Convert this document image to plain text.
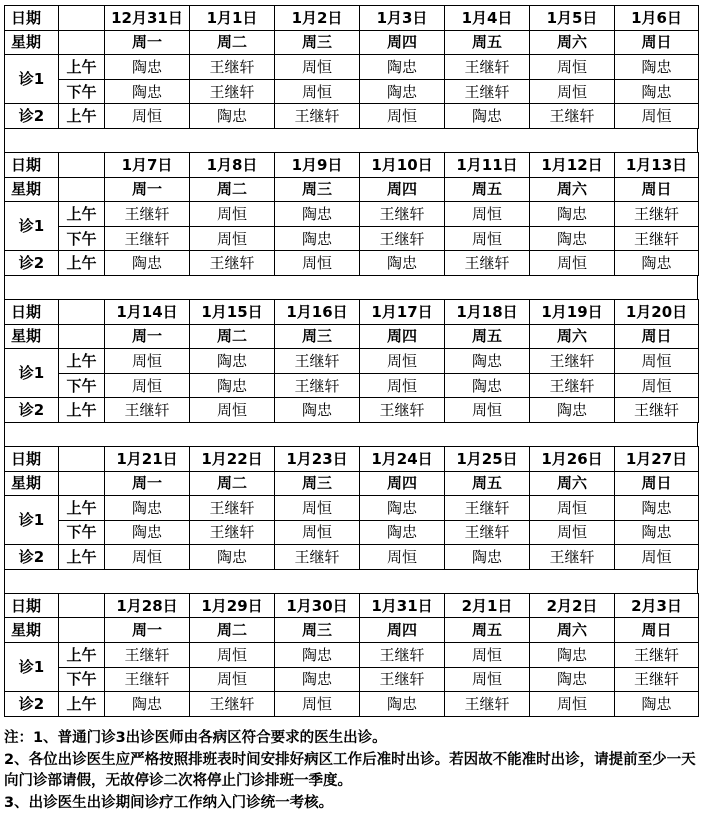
日期		12月31日	1月1日	1月2日	1月3日	1月4日	1月5日	1月6日
星期		周一	周二	周三	周四	周五	周六	周日
诊1	上午	陶忠	王继轩	周恒	陶忠	王继轩	周恒	陶忠
	下午	陶忠	王继轩	周恒	陶忠	王继轩	周恒	陶忠
诊2	上午	周恒	陶忠	王继轩	周恒	陶忠	王继轩	周恒
日期		1月7日	1月8日	1月9日	1月10日	1月11日	1月12日	1月13日
星期		周一	周二	周三	周四	周五	周六	周日
诊1	上午	王继轩	周恒	陶忠	王继轩	周恒	陶忠	王继轩
	下午	王继轩	周恒	陶忠	王继轩	周恒	陶忠	王继轩
诊2	上午	陶忠	王继轩	周恒	陶忠	王继轩	周恒	陶忠
日期		1月14日	1月15日	1月16日	1月17日	1月18日	1月19日	1月20日
星期		周一	周二	周三	周四	周五	周六	周日
诊1	上午	周恒	陶忠	王继轩	周恒	陶忠	王继轩	周恒
	下午	周恒	陶忠	王继轩	周恒	陶忠	王继轩	周恒
诊2	上午	王继轩	周恒	陶忠	王继轩	周恒	陶忠	王继轩
日期		1月21日	1月22日	1月23日	1月24日	1月25日	1月26日	1月27日
星期		周一	周二	周三	周四	周五	周六	周日
诊1	上午	陶忠	王继轩	周恒	陶忠	王继轩	周恒	陶忠
	下午	陶忠	王继轩	周恒	陶忠	王继轩	周恒	陶忠
诊2	上午	周恒	陶忠	王继轩	周恒	陶忠	王继轩	周恒
日期		1月28日	1月29日	1月30日	1月31日	2月1日	2月2日	2月3日
星期		周一	周二	周三	周四	周五	周六	周日
诊1	上午	王继轩	周恒	陶忠	王继轩	周恒	陶忠	王继轩
	下午	王继轩	周恒	陶忠	王继轩	周恒	陶忠	王继轩
诊2	上午	陶忠	王继轩	周恒	陶忠	王继轩	周恒	陶忠

注：1、普通门诊3出诊医师由各病区符合要求的医生出诊。

2、各位出诊医生应严格按照排班表时间安排好病区工作后准时出诊。若因故不能准时出诊，请提前至少一天向门诊部请假，无故停诊二次将停止门诊排班一季度。

3、出诊医生出诊期间诊疗工作纳入门诊统一考核。
